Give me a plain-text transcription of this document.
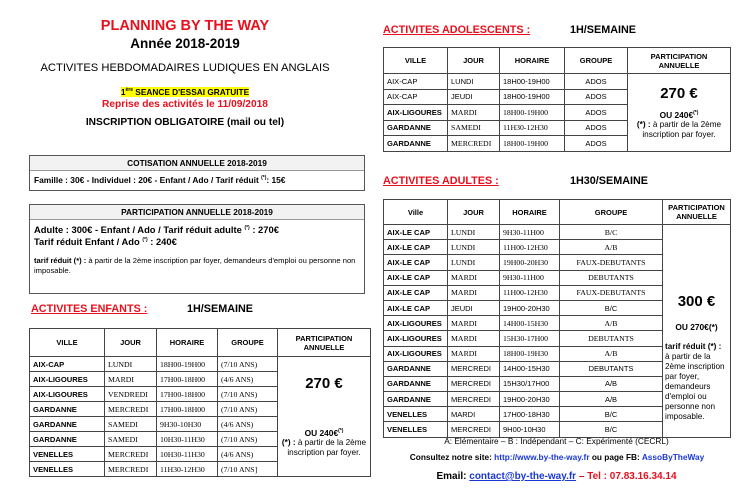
PLANNING BY THE WAY
Année 2018-2019
ACTIVITES HEBDOMADAIRES LUDIQUES EN ANGLAIS
1ère SEANCE D'ESSAI GRATUITE
Reprise des activités le 11/09/2018
INSCRIPTION OBLIGATOIRE (mail ou tel)
COTISATION ANNUELLE 2018-2019
Famille : 30€ - Individuel : 20€ - Enfant / Ado / Tarif réduit (*): 15€
PARTICIPATION ANNUELLE 2018-2019
Adulte : 300€ - Enfant / Ado / Tarif réduit adulte (*) : 270€
Tarif réduit Enfant / Ado (*) : 240€
tarif réduit (*) : à partir de la 2ème inscription par foyer, demandeurs d'emploi ou personne non imposable.
ACTIVITES ENFANTS :	1H/SEMAINE
VILLE	JOUR	HORAIRE	GROUPE	PARTICIPATION ANNUELLE
AIX-CAP	LUNDI	18H00-19H00	(7/10 ANS)	270 €
OU 240€(*)
(*) : à partir de la 2ème inscription par foyer.

AIX-LIGOURES	MARDI	17H00-18H00	(4/6 ANS)	
AIX-LIGOURES	VENDREDI	17H00-18H00	(7/10 ANS)	
GARDANNE	MERCREDI	17H00-18H00	(7/10 ANS)	
GARDANNE	SAMEDI	9H30-10H30	(4/6 ANS)	
GARDANNE	SAMEDI	10H30-11H30	(7/10 ANS)	
VENELLES	MERCREDI	10H30-11H30	(4/6 ANS)	
VENELLES	MERCREDI	11H30-12H30	(7/10 ANS]	
ACTIVITES ADOLESCENTS :	1H/SEMAINE
VILLE	JOUR	HORAIRE	GROUPE	PARTICIPATION ANNUELLE
AIX-CAP	LUNDI	18H00-19H00	ADOS	270 €
OU 240€(*)
(*) : à partir de la 2ème inscription par foyer.

AIX-CAP	JEUDI	18H00-19H00	ADOS	
AIX-LIGOURES	MARDI	18H00-19H00	ADOS	
GARDANNE	SAMEDI	11H30-12H30	ADOS	
GARDANNE	MERCREDI	18H00-19H00	ADOS	
ACTIVITES ADULTES :	1H30/SEMAINE
Ville	JOUR	HORAIRE	GROUPE	PARTICIPATION ANNUELLE
AIX-LE CAP	LUNDI	9H30-11H00	B/C	300 €
OU 270€(*)
tarif réduit (*) : à partir de la 2ème inscription par foyer, demandeurs d'emploi ou personne non imposable.

AIX-LE CAP	LUNDI	11H00-12H30	A/B	
AIX-LE CAP	LUNDI	19H00-20H30	FAUX-DEBUTANTS	
AIX-LE CAP	MARDI	9H30-11H00	DEBUTANTS	
AIX-LE CAP	MARDI	11H00-12H30	FAUX-DEBUTANTS	
AIX-LE CAP	JEUDI	19H00-20H30	B/C	
AIX-LIGOURES	MARDI	14H00-15H30	A/B	
AIX-LIGOURES	MARDI	15H30-17H00	DEBUTANTS	
AIX-LIGOURES	MARDI	18H00-19H30	A/B	
GARDANNE	MERCREDI	14H00-15H30	DEBUTANTS	
GARDANNE	MERCREDI	15H30/17H00	A/B	
GARDANNE	MERCREDI	19H00-20H30	A/B	
VENELLES	MARDI	17H00-18H30	B/C	
VENELLES	MERCREDI	9H00-10H30	B/C	
A: Elémentaire – B : Indépendant – C: Expérimenté (CECRL)
Consultez notre site: http://www.by-the-way.fr ou page FB: AssoByTheWay
Email: contact@by-the-way.fr – Tel : 07.83.16.34.14
